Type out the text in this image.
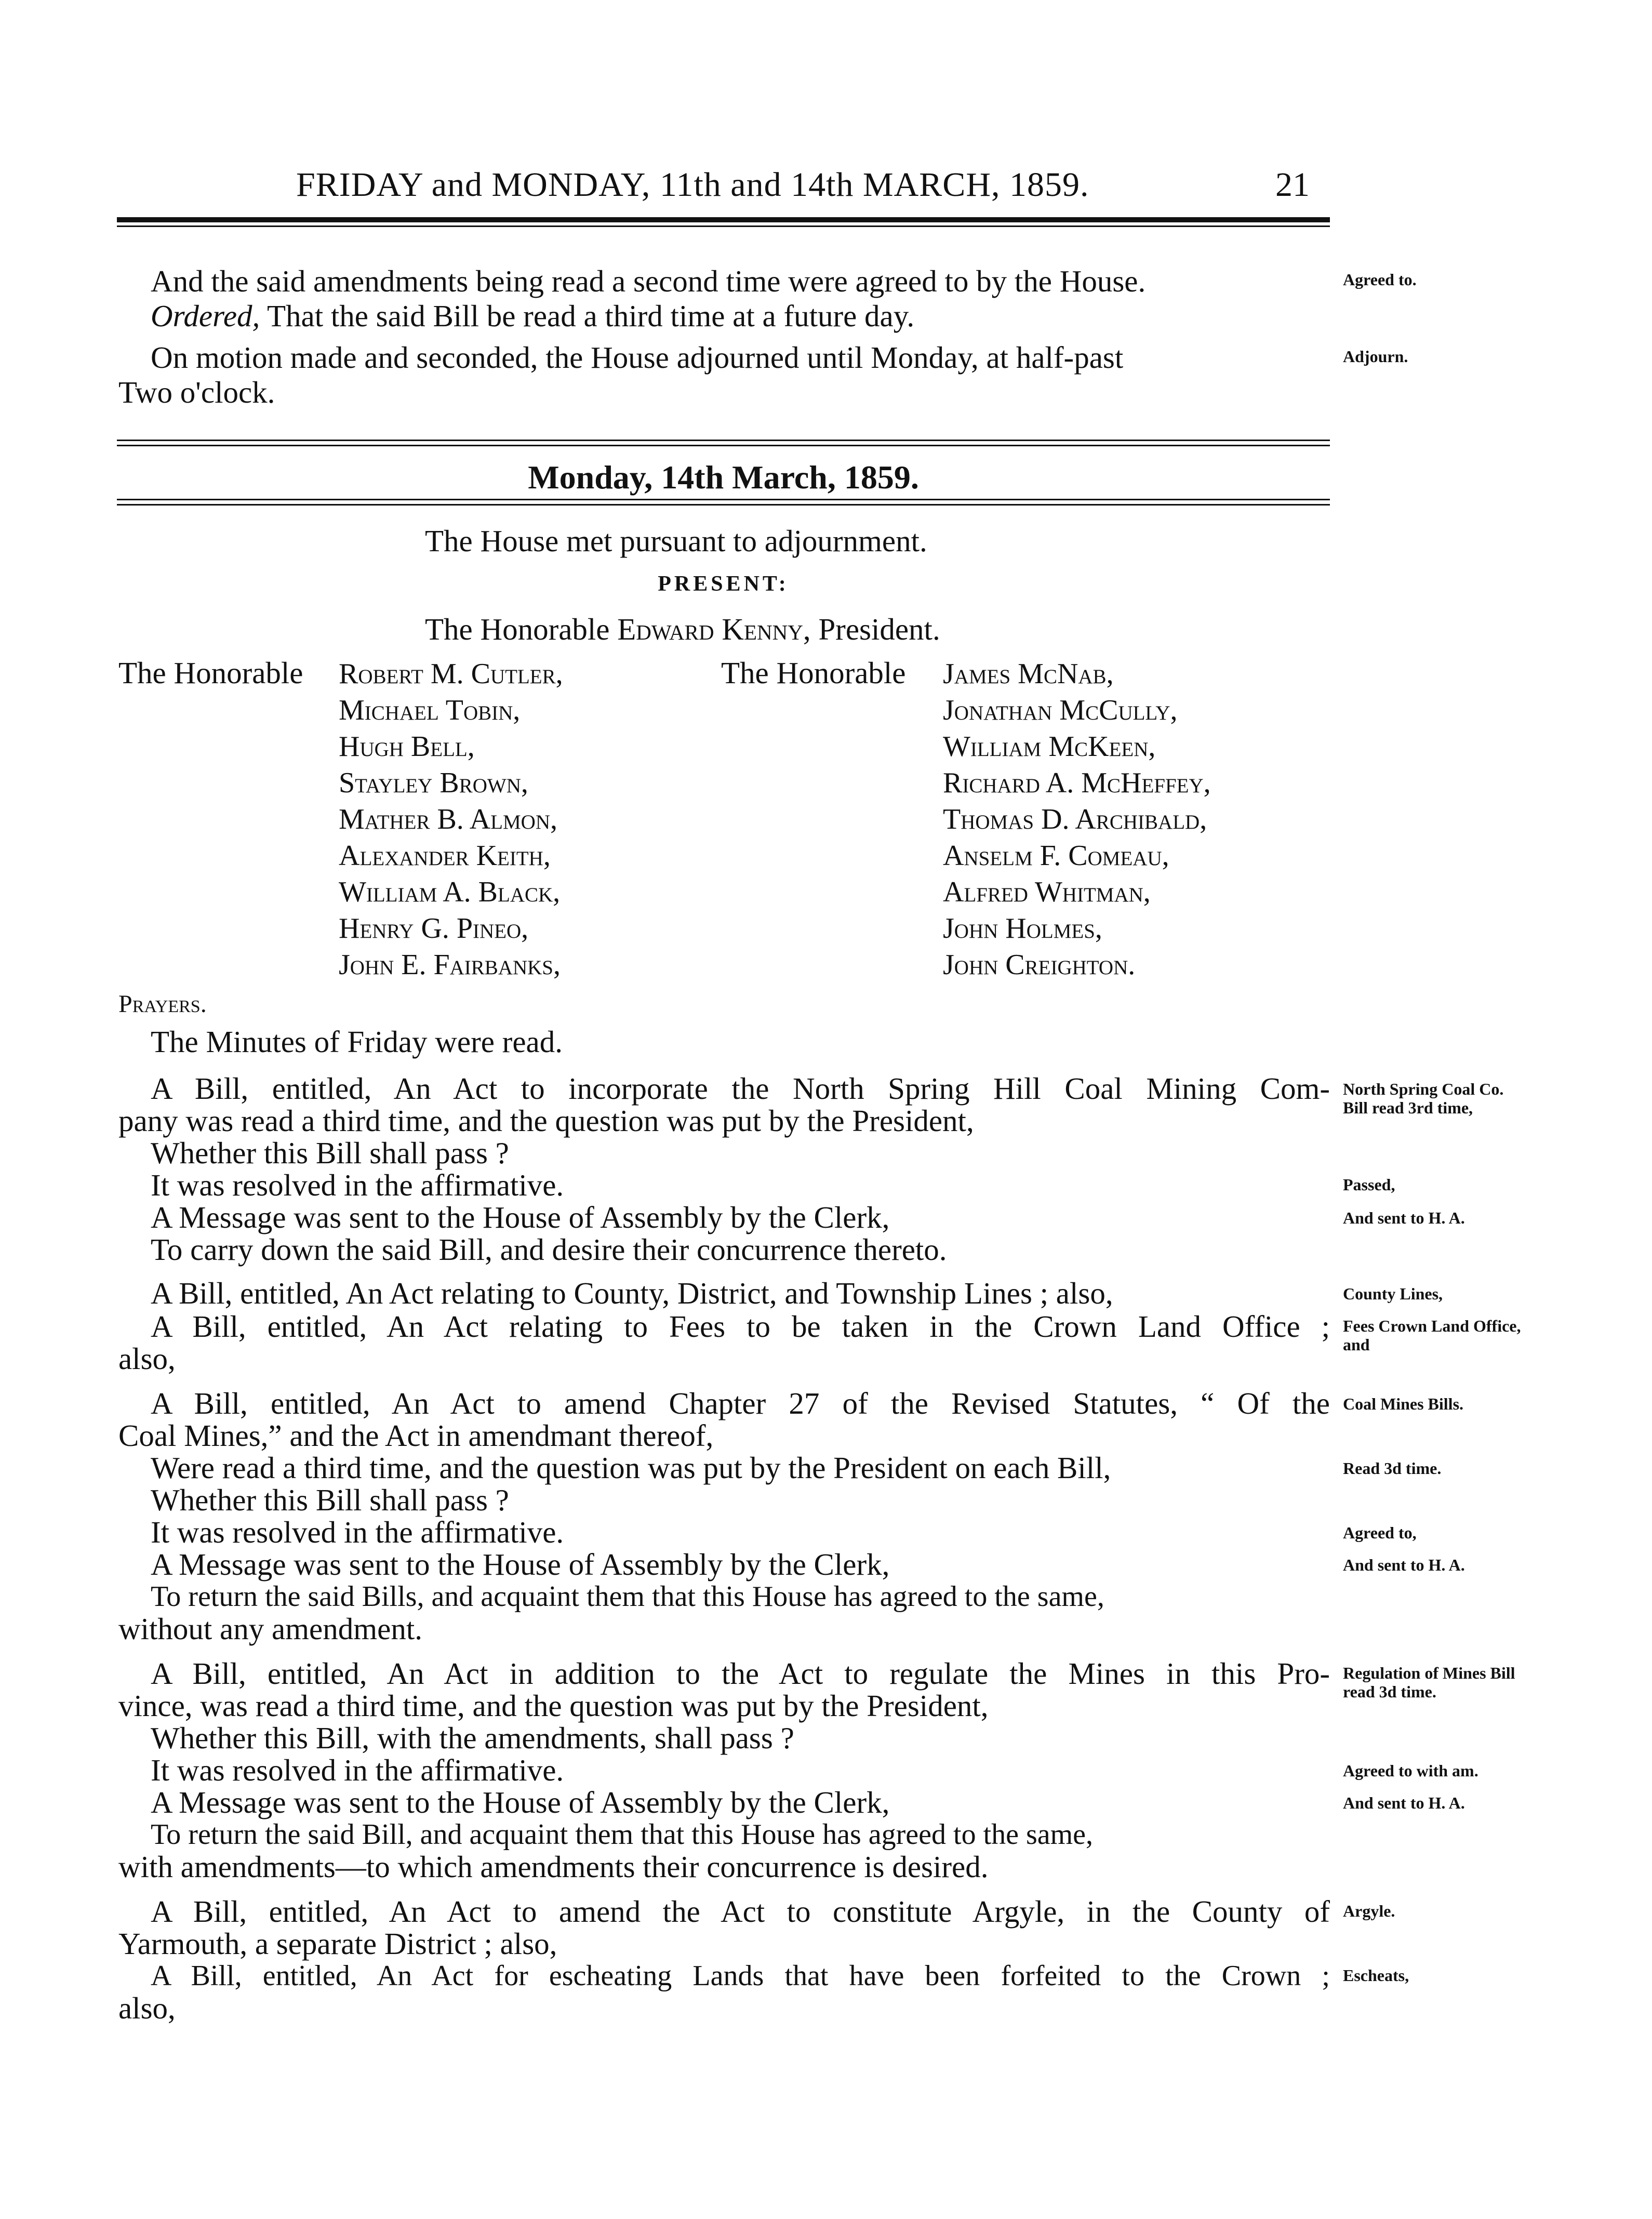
FRIDAY and MONDAY, 11th and 14th MARCH, 1859.	21
And the said amendments being read a second time were agreed to by the House.
Ordered, That the said Bill be read a third time at a future day.
On motion made and seconded, the House adjourned until Monday, at half-past
Two o'clock.
Agreed to.
Adjourn.
Monday, 14th March, 1859.
The House met pursuant to adjournment.
PRESENT:
The Honorable Edward Kenny, President.
The Honorable	The Honorable
Robert M. Cutler,
Michael Tobin,
Hugh Bell,
Stayley Brown,
Mather B. Almon,
Alexander Keith,
William A. Black,
Henry G. Pineo,
John E. Fairbanks,
James McNab,
Jonathan McCully,
William McKeen,
Richard A. McHeffey,
Thomas D. Archibald,
Anselm F. Comeau,
Alfred Whitman,
John Holmes,
John Creighton.
Prayers.
The Minutes of Friday were read.
A Bill, entitled, An Act to incorporate the North Spring Hill Coal Mining Com-
pany was read a third time, and the question was put by the President,
Whether this Bill shall pass ?
It was resolved in the affirmative.
A Message was sent to the House of Assembly by the Clerk,
To carry down the said Bill, and desire their concurrence thereto.
A Bill, entitled, An Act relating to County, District, and Township Lines ; also,
A Bill, entitled, An Act relating to Fees to be taken in the Crown Land Office ;
also,
A Bill, entitled, An Act to amend Chapter 27 of the Revised Statutes, “ Of the
Coal Mines,” and the Act in amendmant thereof,
Were read a third time, and the question was put by the President on each Bill,
Whether this Bill shall pass ?
It was resolved in the affirmative.
A Message was sent to the House of Assembly by the Clerk,
To return the said Bills, and acquaint them that this House has agreed to the same,
without any amendment.
A Bill, entitled, An Act in addition to the Act to regulate the Mines in this Pro-
vince, was read a third time, and the question was put by the President,
Whether this Bill, with the amendments, shall pass ?
It was resolved in the affirmative.
A Message was sent to the House of Assembly by the Clerk,
To return the said Bill, and acquaint them that this House has agreed to the same,
with amendments—to which amendments their concurrence is desired.
A Bill, entitled, An Act to amend the Act to constitute Argyle, in the County of
Yarmouth, a separate District ; also,
A Bill, entitled, An Act for escheating Lands that have been forfeited to the Crown ;
also,
North Spring Coal Co. Bill read 3rd time,
Passed,
And sent to H. A.
County Lines,
Fees Crown Land Office, and
Coal Mines Bills.
Read 3d time.
Agreed to,
And sent to H. A.
Regulation of Mines Bill read 3d time.
Agreed to with am.
And sent to H. A.
Argyle.
Escheats,
